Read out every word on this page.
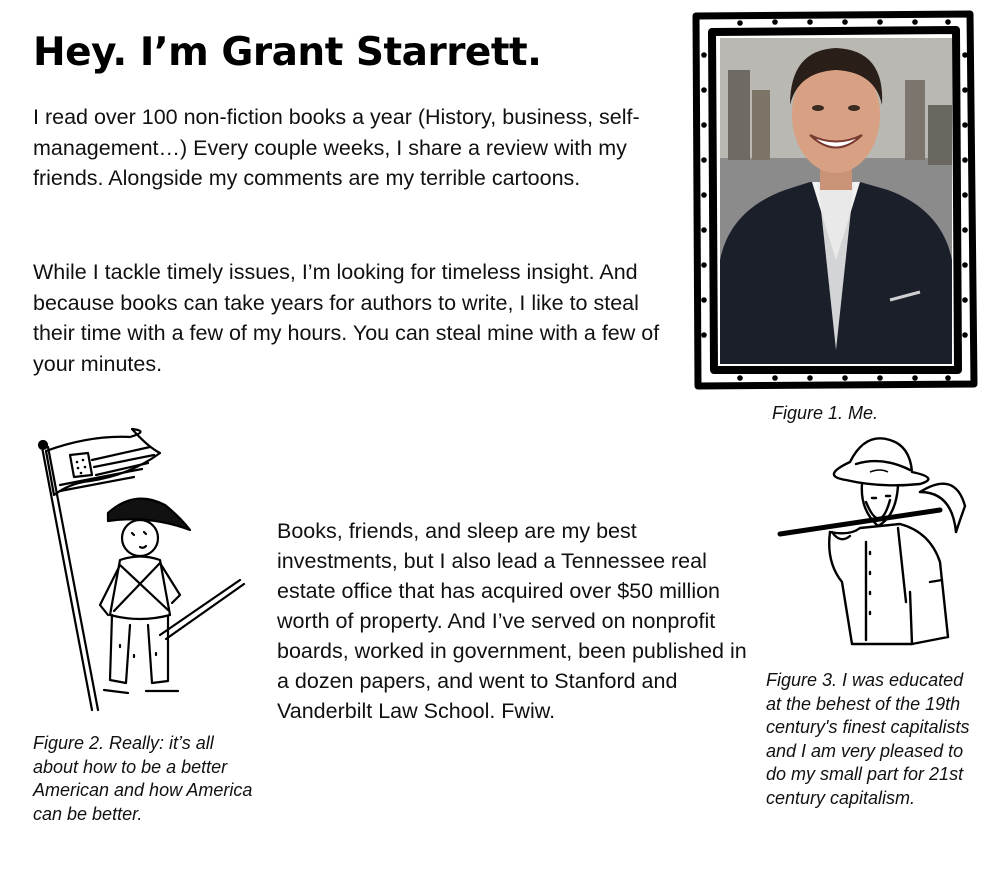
Hey. I’m Grant Starrett.

I read over 100 non-fiction books a year (History, business, self-management…) Every couple weeks, I share a review with my friends. Alongside my comments are my terrible cartoons.

While I tackle timely issues, I’m looking for timeless insight. And because books can take years for authors to write, I like to steal their time with a few of my hours. You can steal mine with a few of your minutes.

Figure 1. Me.

Figure 2. Really: it’s all about how to be a better American and how America can be better.

Books, friends, and sleep are my best investments, but I also lead a Tennessee real estate office that has acquired over $50 million worth of property. And I’ve served on nonprofit boards, worked in government, been published in a dozen papers, and went to Stanford and Vanderbilt Law School. Fwiw.

Figure 3. I was educated at the behest of the 19th century's finest capitalists and I am very pleased to do my small part for 21st century capitalism.
